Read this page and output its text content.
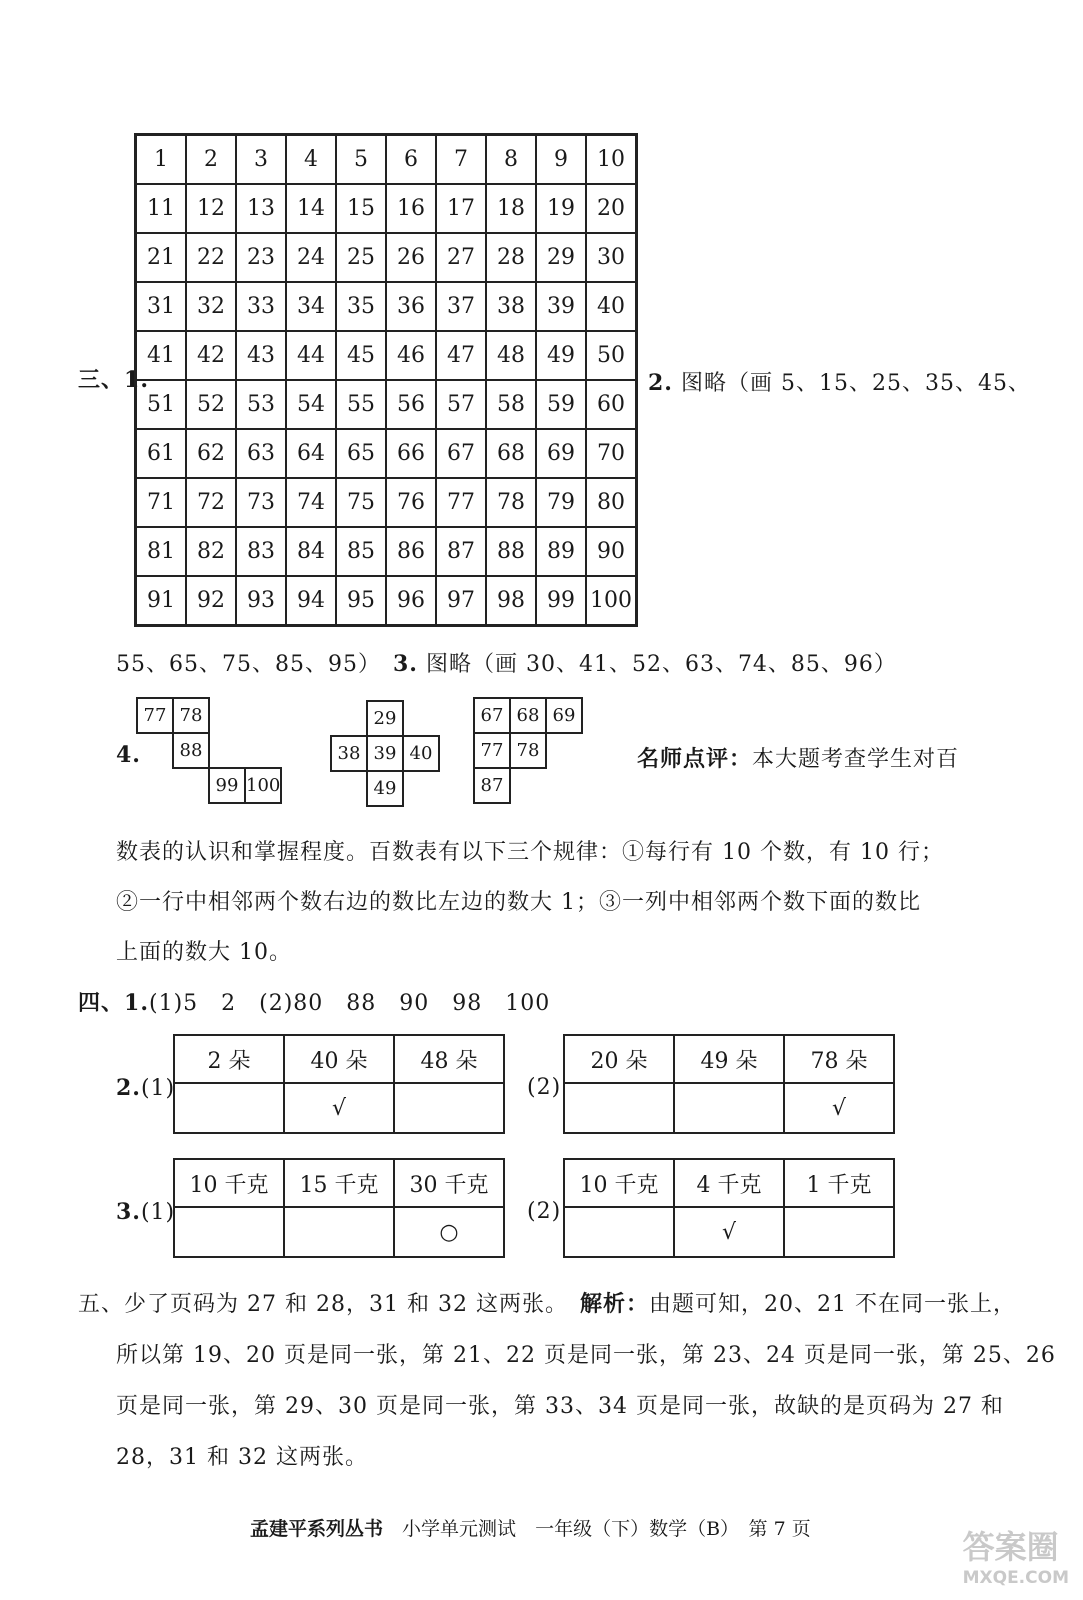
三、1.
1	2	3	4	5	6	7	8	9	10
11	12	13	14	15	16	17	18	19	20
21	22	23	24	25	26	27	28	29	30
31	32	33	34	35	36	37	38	39	40
41	42	43	44	45	46	47	48	49	50
51	52	53	54	55	56	57	58	59	60
61	62	63	64	65	66	67	68	69	70
71	72	73	74	75	76	77	78	79	80
81	82	83	84	85	86	87	88	89	90
91	92	93	94	95	96	97	98	99	100
2. 图略（画 5、15、25、35、45、
55、65、75、85、95）　 3. 图略（画 30、41、52、63、74、85、96）
4.
77	78		
	88		
		99	100
	29	
38	39	40
	49	
67	68	69
77	78	
87		
名师点评：本大题考查学生对百
数表的认识和掌握程度。百数表有以下三个规律：①每行有 10 个数，有 10 行；
②一行中相邻两个数右边的数比左边的数大 1；③一列中相邻两个数下面的数比
上面的数大 10。
四、1.(1)5　2　(2)80　88　90　98　100
2.(1)
2 朵	40 朵	48 朵
	√	
(2)
20 朵	49 朵	78 朵
		√
3.(1)
10 千克	15 千克	30 千克
		○
(2)
10 千克	4 千克	1 千克
	√	
五、少了页码为 27 和 28，31 和 32 这两张。　 解析：由题可知，20、21 不在同一张上，
所以第 19、20 页是同一张，第 21、22 页是同一张，第 23、24 页是同一张，第 25、26
页是同一张，第 29、30 页是同一张，第 33、34 页是同一张，故缺的是页码为 27 和
28，31 和 32 这两张。
孟建平系列丛书　 小学单元测试　 一年级（下）数学（B）　 第 7 页	答案圈
MXQE.COM
